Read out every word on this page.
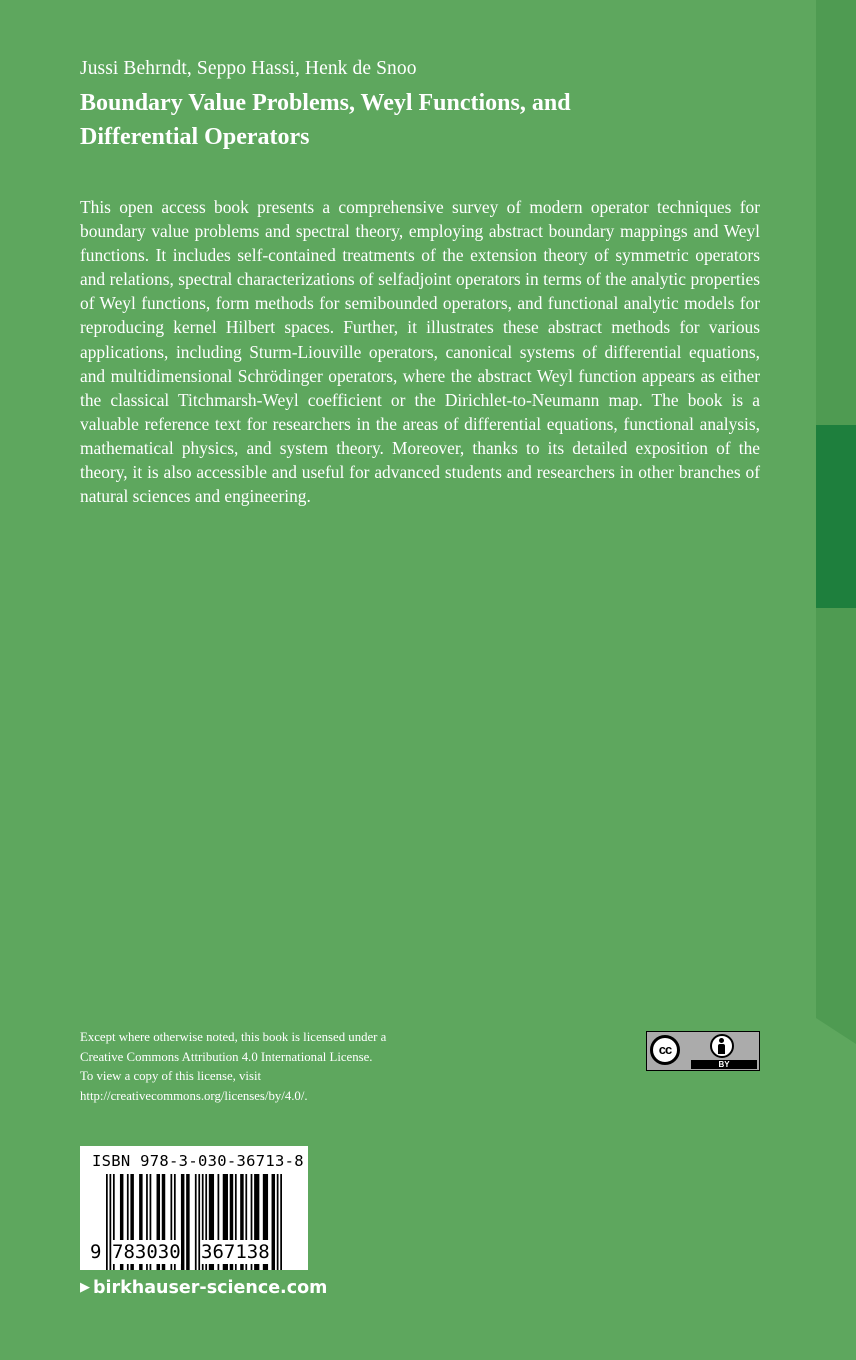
Jussi Behrndt, Seppo Hassi, Henk de Snoo
Boundary Value Problems, Weyl Functions, and
Differential Operators
This open access book presents a comprehensive survey of modern operator techniques for boundary value problems and spectral theory, employing abstract boundary mappings and Weyl functions. It includes self-contained treatments of the extension theory of symmetric operators and relations, spectral characterizations of selfadjoint operators in terms of the analytic properties of Weyl functions, form methods for semibounded operators, and functional analytic models for reproducing kernel Hilbert spaces. Further, it illustrates these abstract methods for various applications, including Sturm-Liouville operators, canonical systems of differential equations, and multidimensional Schrödinger operators, where the abstract Weyl function appears as either the classical Titchmarsh-Weyl coefficient or the Dirichlet-to-Neumann map. The book is a valuable reference text for researchers in the areas of differential equations, functional analysis, mathematical physics, and system theory. Moreover, thanks to its detailed exposition of the theory, it is also accessible and useful for advanced students and researchers in other branches of natural sciences and engineering.
Except where otherwise noted, this book is licensed under a
Creative Commons Attribution 4.0 International License.
To view a copy of this license, visit
http://creativecommons.org/licenses/by/4.0/.
cc
BY
ISBN 978-3-030-36713-8
9 783030 367138
▶ birkhauser-science.com
